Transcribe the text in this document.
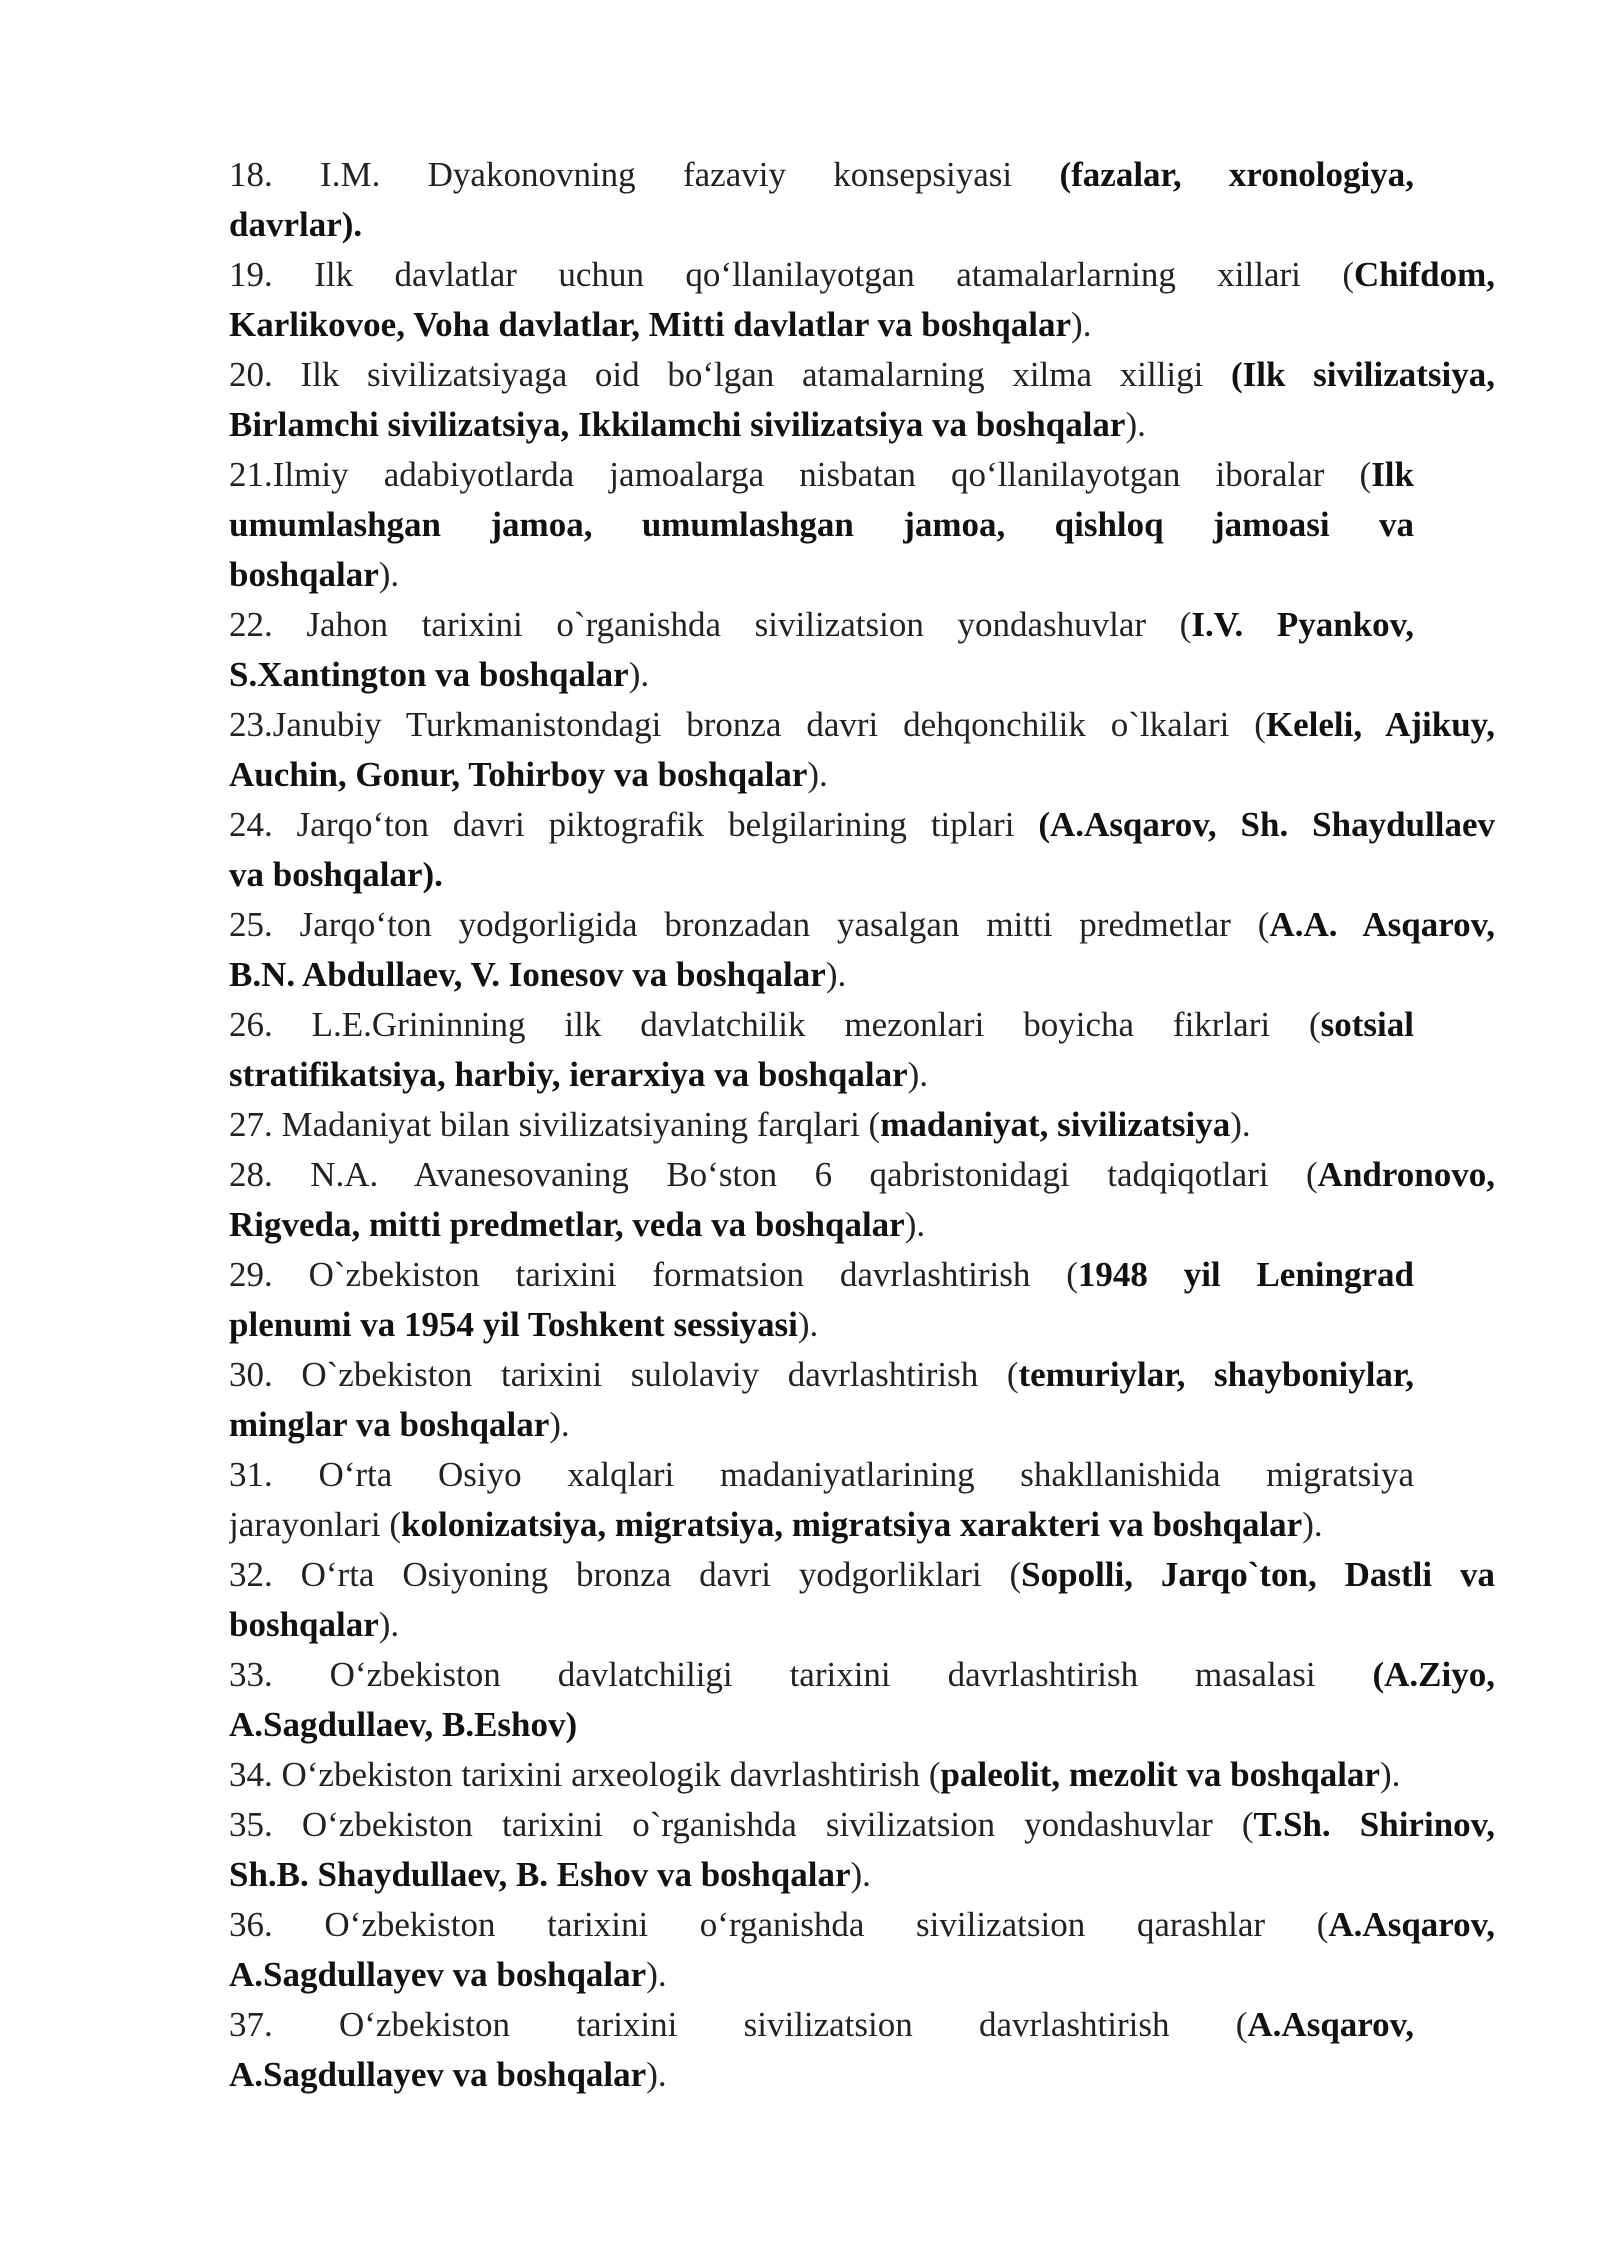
18. I.M. Dyakonovning fazaviy konsepsiyasi (fazalar, xronologiya,
davrlar).

19. Ilk davlatlar uchun qo‘llanilayotgan atamalarlarning xillari (Chifdom,
Karlikovoe, Voha davlatlar, Mitti davlatlar va boshqalar).

20. Ilk sivilizatsiyaga oid bo‘lgan atamalarning xilma xilligi (Ilk sivilizatsiya,
Birlamchi sivilizatsiya, Ikkilamchi sivilizatsiya va boshqalar).

21.Ilmiy adabiyotlarda jamoalarga nisbatan qo‘llanilayotgan iboralar (Ilk
umumlashgan jamoa, umumlashgan jamoa, qishloq jamoasi va
boshqalar).

22. Jahon tarixini o`rganishda sivilizatsion yondashuvlar (I.V. Pyankov,
S.Xantington va boshqalar).

23.Janubiy Turkmanistondagi bronza davri dehqonchilik o`lkalari (Keleli, Ajikuy,
Auchin, Gonur, Tohirboy va boshqalar).

24. Jarqo‘ton davri piktografik belgilarining tiplari (A.Asqarov, Sh. Shaydullaev
va boshqalar).

25. Jarqo‘ton yodgorligida bronzadan yasalgan mitti predmetlar (A.A. Asqarov,
B.N. Abdullaev, V. Ionesov va boshqalar).

26. L.E.Grininning ilk davlatchilik mezonlari boyicha fikrlari (sotsial
stratifikatsiya, harbiy, ierarxiya va boshqalar).

27. Madaniyat bilan sivilizatsiyaning farqlari (madaniyat, sivilizatsiya).

28. N.A. Avanesovaning Bo‘ston 6 qabristonidagi tadqiqotlari (Andronovo,
Rigveda, mitti predmetlar, veda va boshqalar).

29. O`zbekiston tarixini formatsion davrlashtirish (1948 yil Leningrad
plenumi va 1954 yil Toshkent sessiyasi).

30. O`zbekiston tarixini sulolaviy davrlashtirish (temuriylar, shayboniylar,
minglar va boshqalar).

31. O‘rta Osiyo xalqlari madaniyatlarining shakllanishida migratsiya
jarayonlari (kolonizatsiya, migratsiya, migratsiya xarakteri va boshqalar).

32. O‘rta Osiyoning bronza davri yodgorliklari (Sopolli, Jarqo`ton, Dastli va
boshqalar).

33. O‘zbekiston davlatchiligi tarixini davrlashtirish masalasi (A.Ziyo,
A.Sagdullaev, B.Eshov)

34. O‘zbekiston tarixini arxeologik davrlashtirish (paleolit, mezolit va boshqalar).

35. O‘zbekiston tarixini o`rganishda sivilizatsion yondashuvlar (T.Sh. Shirinov,
Sh.B. Shaydullaev, B. Eshov va boshqalar).

36. O‘zbekiston tarixini o‘rganishda sivilizatsion qarashlar (A.Asqarov,
A.Sagdullayev va boshqalar).

37. O‘zbekiston tarixini sivilizatsion davrlashtirish (A.Asqarov,
A.Sagdullayev va boshqalar).
